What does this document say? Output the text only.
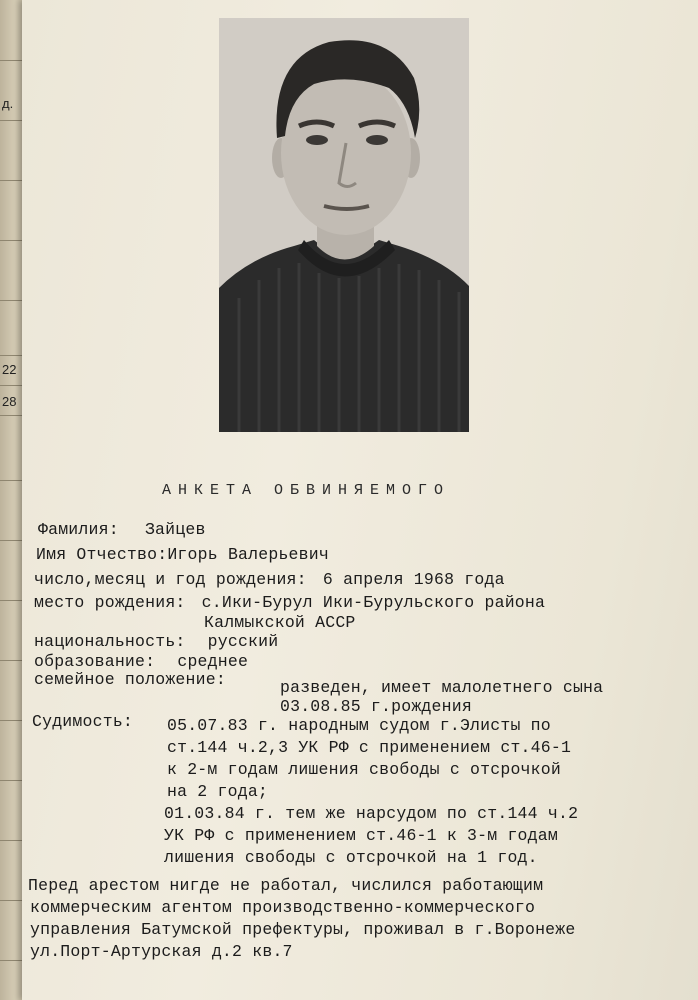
д.
22
28
АНКЕТА ОБВИНЯЕМОГО
Фамилия: Зайцев
Имя Отчество:Игорь Валерьевич
число,месяц и год рождения: 6 апреля 1968 года
место рождения: с.Ики-Бурул Ики-Бурульского района
Калмыкской АССР
национальность: русский
образование: среднее
семейное положение:	разведен, имеет малолетнего сына
03.08.85 г.рождения
Судимость: 05.07.83 г. народным судом г.Элисты по
ст.144 ч.2,3 УК РФ с применением ст.46-1
к 2-м годам лишения свободы с отсрочкой
на 2 года;
01.03.84 г. тем же нарсудом по ст.144 ч.2
УК РФ с применением ст.46-1 к 3-м годам
лишения свободы с отсрочкой на 1 год.
Перед арестом нигде не работал, числился работающим
коммерческим агентом производственно-коммерческого
управления Батумской префектуры, проживал в г.Воронеже
ул.Порт-Артурская д.2 кв.7
